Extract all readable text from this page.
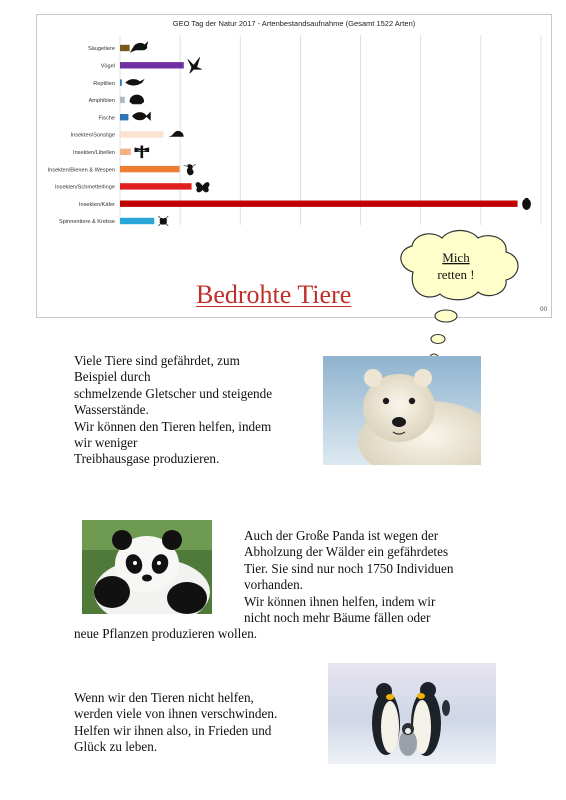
GEO Tag der Natur 2017 - Artenbestandsaufnahme (Gesamt 1522 Arten)
00
Säugetiere
Vögel
Reptilien
Amphibien
Fische
Insekten/Sonstige
Insekten/Libellen
Insekten/Bienen & Wespen
Insekten/Schmetterlinge
Insekten/Käfer
Spinnentiere & Krebse
Mich
retten !
Bedrohte Tiere
Viele Tiere sind gefährdet, zum
Beispiel durch
schmelzende Gletscher und steigende
Wasserstände.
Wir können den Tieren helfen, indem
wir weniger
Treibhausgase produzieren.
Auch der Große Panda ist wegen der
Abholzung der Wälder ein gefährdetes
Tier. Sie sind nur noch 1750 Individuen
vorhanden.
Wir können ihnen helfen, indem wir
nicht noch mehr Bäume fällen oder
neue Pflanzen produzieren wollen.
Wenn wir den Tieren nicht helfen,
werden viele von ihnen verschwinden.
Helfen wir ihnen also, in Frieden und
Glück zu leben.
